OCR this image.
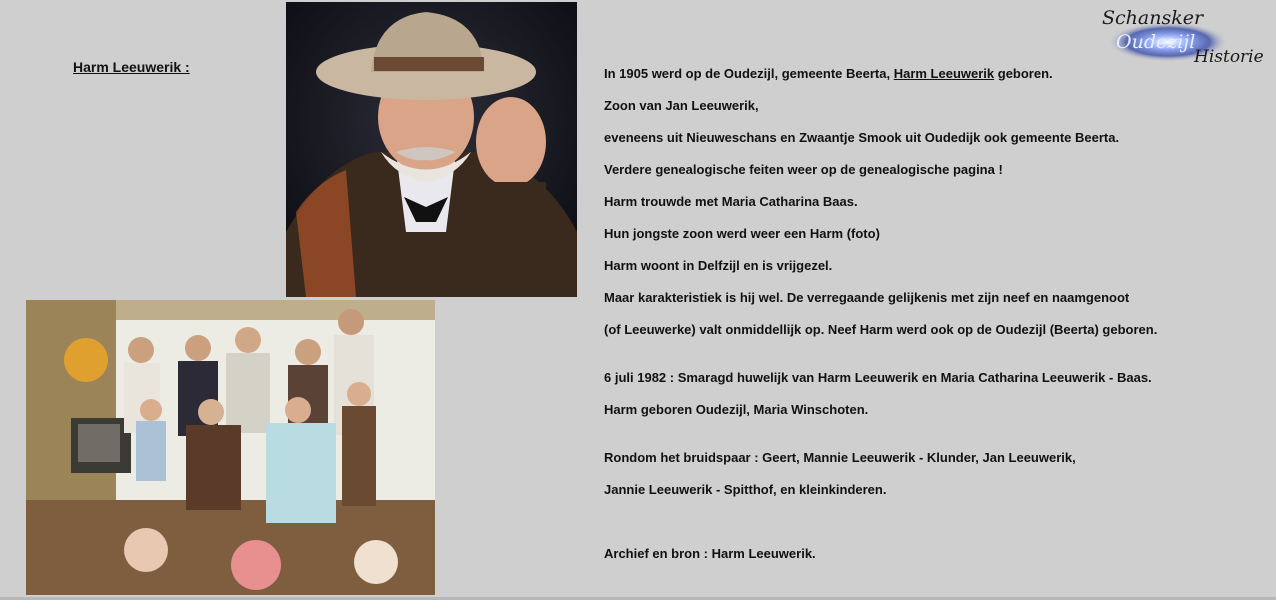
Harm Leeuwerik :
Schansker
Oudezijl
Historie

In 1905 werd op de Oudezijl, gemeente Beerta, Harm Leeuwerik geboren.

Zoon van Jan Leeuwerik,

eveneens uit Nieuweschans en Zwaantje Smook uit Oudedijk ook gemeente Beerta.

Verdere genealogische feiten weer op de genealogische pagina !

Harm trouwde met Maria Catharina Baas.

Hun jongste zoon werd weer een Harm (foto)

Harm woont in Delfzijl en is vrijgezel.

Maar karakteristiek is hij wel. De verregaande gelijkenis met zijn neef en naamgenoot

(of Leeuwerke) valt onmiddellijk op. Neef Harm werd ook op de Oudezijl (Beerta) geboren.

6 juli 1982 : Smaragd huwelijk van Harm Leeuwerik en Maria Catharina Leeuwerik - Baas.

Harm geboren Oudezijl, Maria Winschoten.

Rondom het bruidspaar : Geert, Mannie Leeuwerik - Klunder, Jan Leeuwerik,

Jannie Leeuwerik - Spitthof, en kleinkinderen.

Archief en bron : Harm Leeuwerik.
